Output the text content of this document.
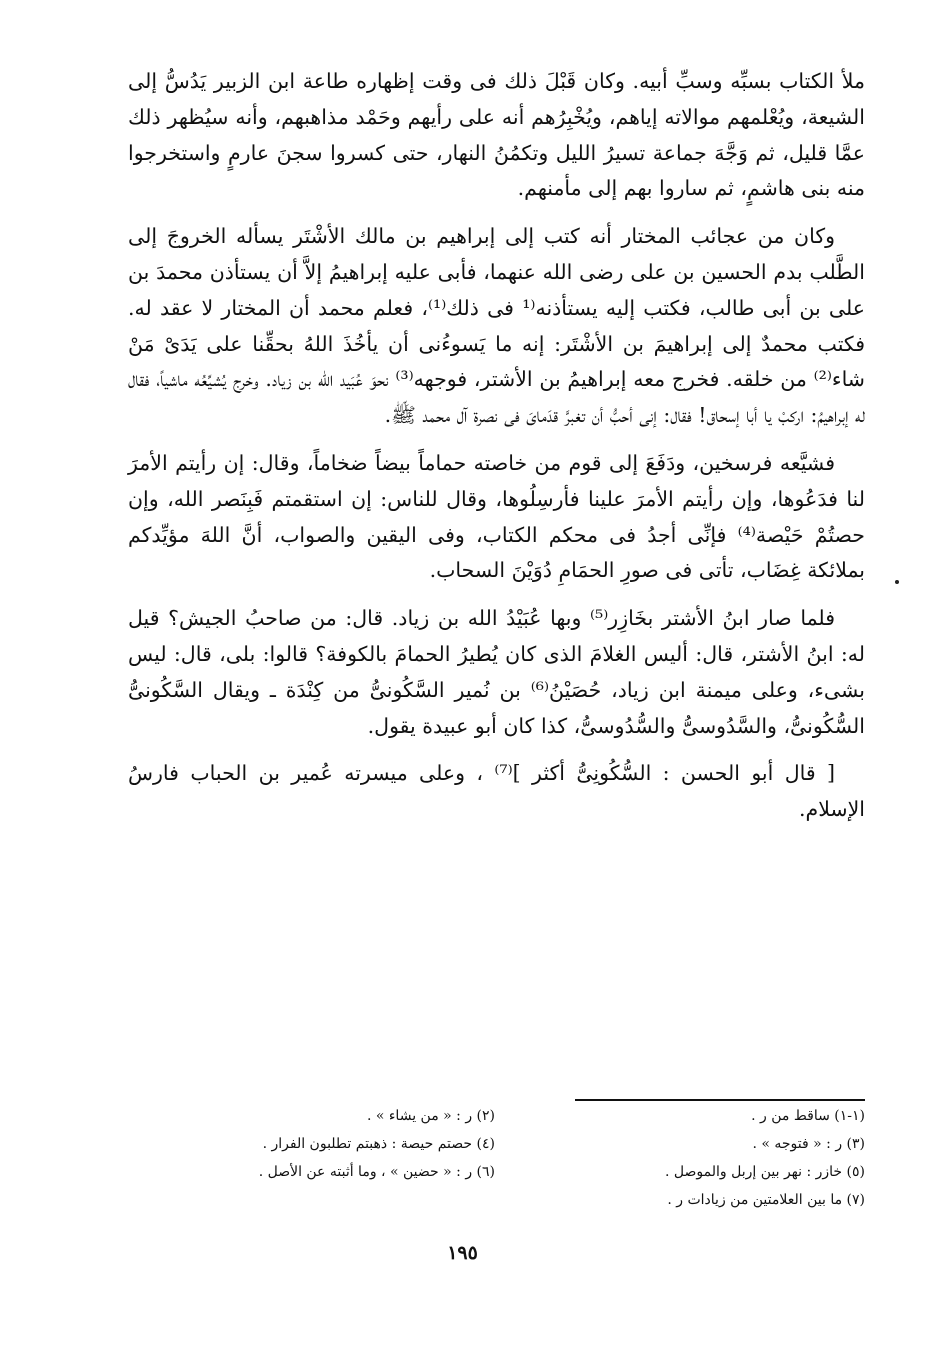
ملأ الكتاب بسبِّه وسبِّ أبيه. وكان قَبْلَ ذلك فى وقت إظهاره طاعة ابن الزبير يَدُسُّ إلى الشيعة، ويُعْلمهم موالاته إياهم، ويُخْبِرُهم أنه على رأيهم وحَمْد مذاهبهم، وأنه سيُظهر ذلك عمَّا قليل، ثم وَجَّهَ جماعة تسيرُ الليل وتكمُنُ النهار، حتى كسروا سجنَ عارمٍ واستخرجوا منه بنى هاشمٍ، ثم ساروا بهم إلى مأمنهم.

وكان من عجائب المختار أنه كتب إلى إبراهيم بن مالك الأشْتَر يسأله الخروجَ إلى الطَّلب بدم الحسين بن على رضى الله عنهما، فأبى عليه إبراهيمُ إلاَّ أن يستأذن محمدَ بن على بن أبى طالب، فكتب إليه يستأذنه⁽¹ فى ذلك⁽¹⁾، فعلم محمد أن المختار لا عقد له. فكتب محمدٌ إلى إبراهيمَ بن الأشْتَر: إنه ما يَسوءُنى أن يأخُذَ اللهُ بحقِّنا على يَدَىْ مَنْ شاء⁽²⁾ من خلقه. فخرج معه إبراهيمُ بن الأشتر، فوجهه⁽³⁾ نحوَ عُبَيد الله بن زياد. وخرج يُشيِّعُه ماشياً، فقال له إبراهيمُ: اركبْ يا أبا إسحاق! فقال: إنى أحبُّ أن تغبرَّ قدَماىَ فى نصرة آل محمد ﷺ.

فشيَّعه فرسخين، ودَفَعَ إلى قوم من خاصته حماماً بيضاً ضخاماً، وقال: إن رأيتم الأمرَ لنا فدَعُوها، وإن رأيتم الأمرَ علينا فأرسِلُوها، وقال للناس: إن استقمتم فَبِنَصر الله، وإن حصتُمْ حَيْصة⁽⁴⁾ فإنِّى أجدُ فى محكم الكتاب، وفى اليقين والصواب، أنَّ اللهَ مؤيِّدكم بملائكة غِضَاب، تأتى فى صورِ الحمَامِ دُوَيْنَ السحاب.

فلما صار ابنُ الأشتر بخَازِر⁽⁵⁾ وبها عُبَيْدُ الله بن زياد. قال: من صاحبُ الجيش؟ قيل له: ابنُ الأشتر، قال: أليس الغلامَ الذى كان يُطيرُ الحمامَ بالكوفة؟ قالوا: بلى، قال: ليس بشىء، وعلى ميمنة ابن زياد، حُصَيْنُ⁽⁶⁾ بن نُمير السَّكُونىُّ من كِنْدَة ـ ويقال السَّكُونىُّ السُّكُونىُّ، والسَّدُوسىُّ والسُّدُوسىُّ، كذا كان أبو عبيدة يقول.

[ قال أبو الحسن : السُّكُونِىُّ أكثر ]⁽⁷⁾ ، وعلى ميسرته عُمير بن الحباب فارسُ الإسلام.

(١-١) ساقط من ر .
(٣) ر : « فتوجه » .
(٥) خازر : نهر بين إربل والموصل .
(٧) ما بين العلامتين من زيادات ر .
(٢) ر : « من يشاء » .
(٤) حصتم حيصة : ذهبتم تطلبون الفرار .
(٦) ر : « حضين » ، وما أثبته عن الأصل .
١٩٥
